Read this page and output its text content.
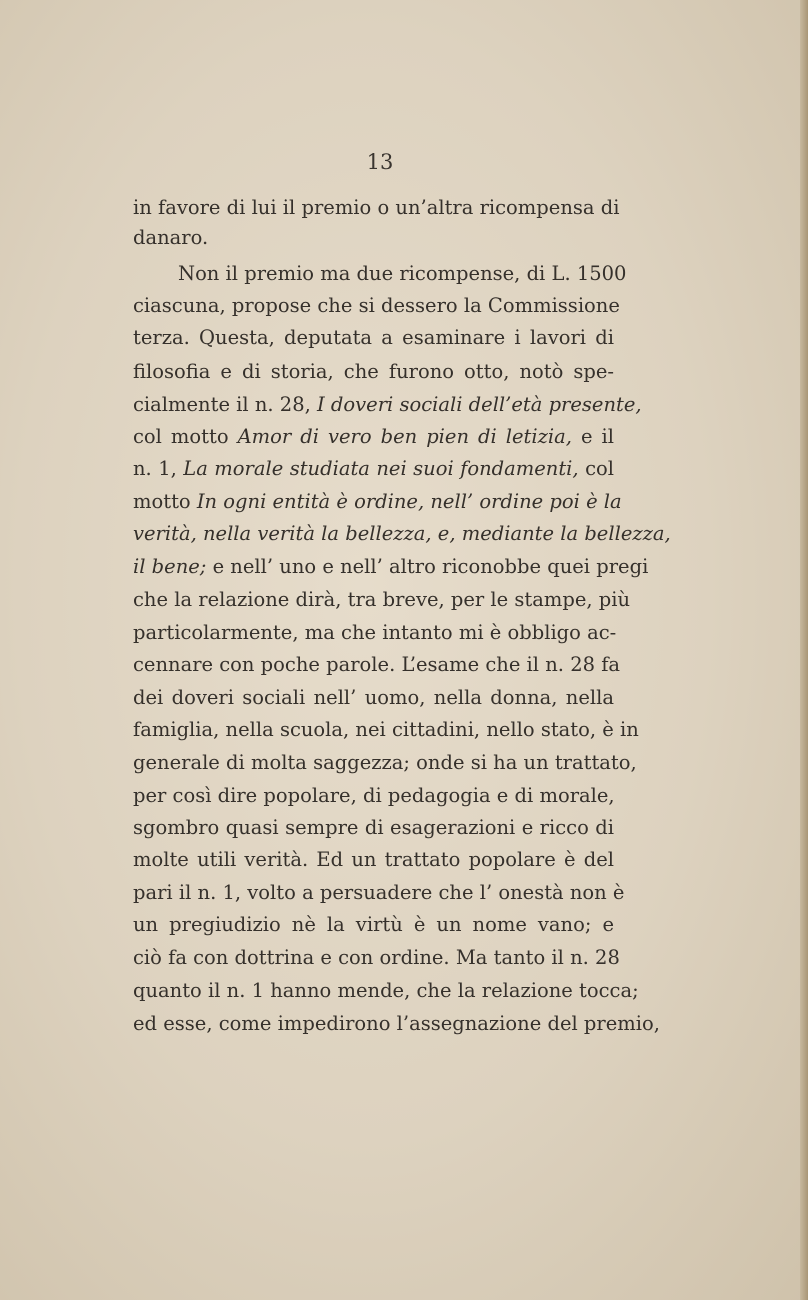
13
in favore di lui il premio o un’altra ricompensa di
danaro.
Non il premio ma due ricompense, di L. 1500
ciascuna, propose che si dessero la Commissione
terza. Questa, deputata a esaminare i lavori di
filosofia e di storia, che furono otto, notò spe-
cialmente il n. 28, I doveri sociali dell’età presente,
col motto Amor di vero ben pien di letizia, e il
n. 1, La morale studiata nei suoi fondamenti, col
motto In ogni entità è ordine, nell’ ordine poi è la
verità, nella verità la bellezza, e, mediante la bellezza,
il bene; e nell’ uno e nell’ altro riconobbe quei pregi
che la relazione dirà, tra breve, per le stampe, più
particolarmente, ma che intanto mi è obbligo ac-
cennare con poche parole. L’esame che il n. 28 fa
dei doveri sociali nell’ uomo, nella donna, nella
famiglia, nella scuola, nei cittadini, nello stato, è in
generale di molta saggezza; onde si ha un trattato,
per così dire popolare, di pedagogia e di morale,
sgombro quasi sempre di esagerazioni e ricco di
molte utili verità. Ed un trattato popolare è del
pari il n. 1, volto a persuadere che l’ onestà non è
un pregiudizio nè la virtù è un nome vano; e
ciò fa con dottrina e con ordine. Ma tanto il n. 28
quanto il n. 1 hanno mende, che la relazione tocca;
ed esse, come impedirono l’assegnazione del premio,
